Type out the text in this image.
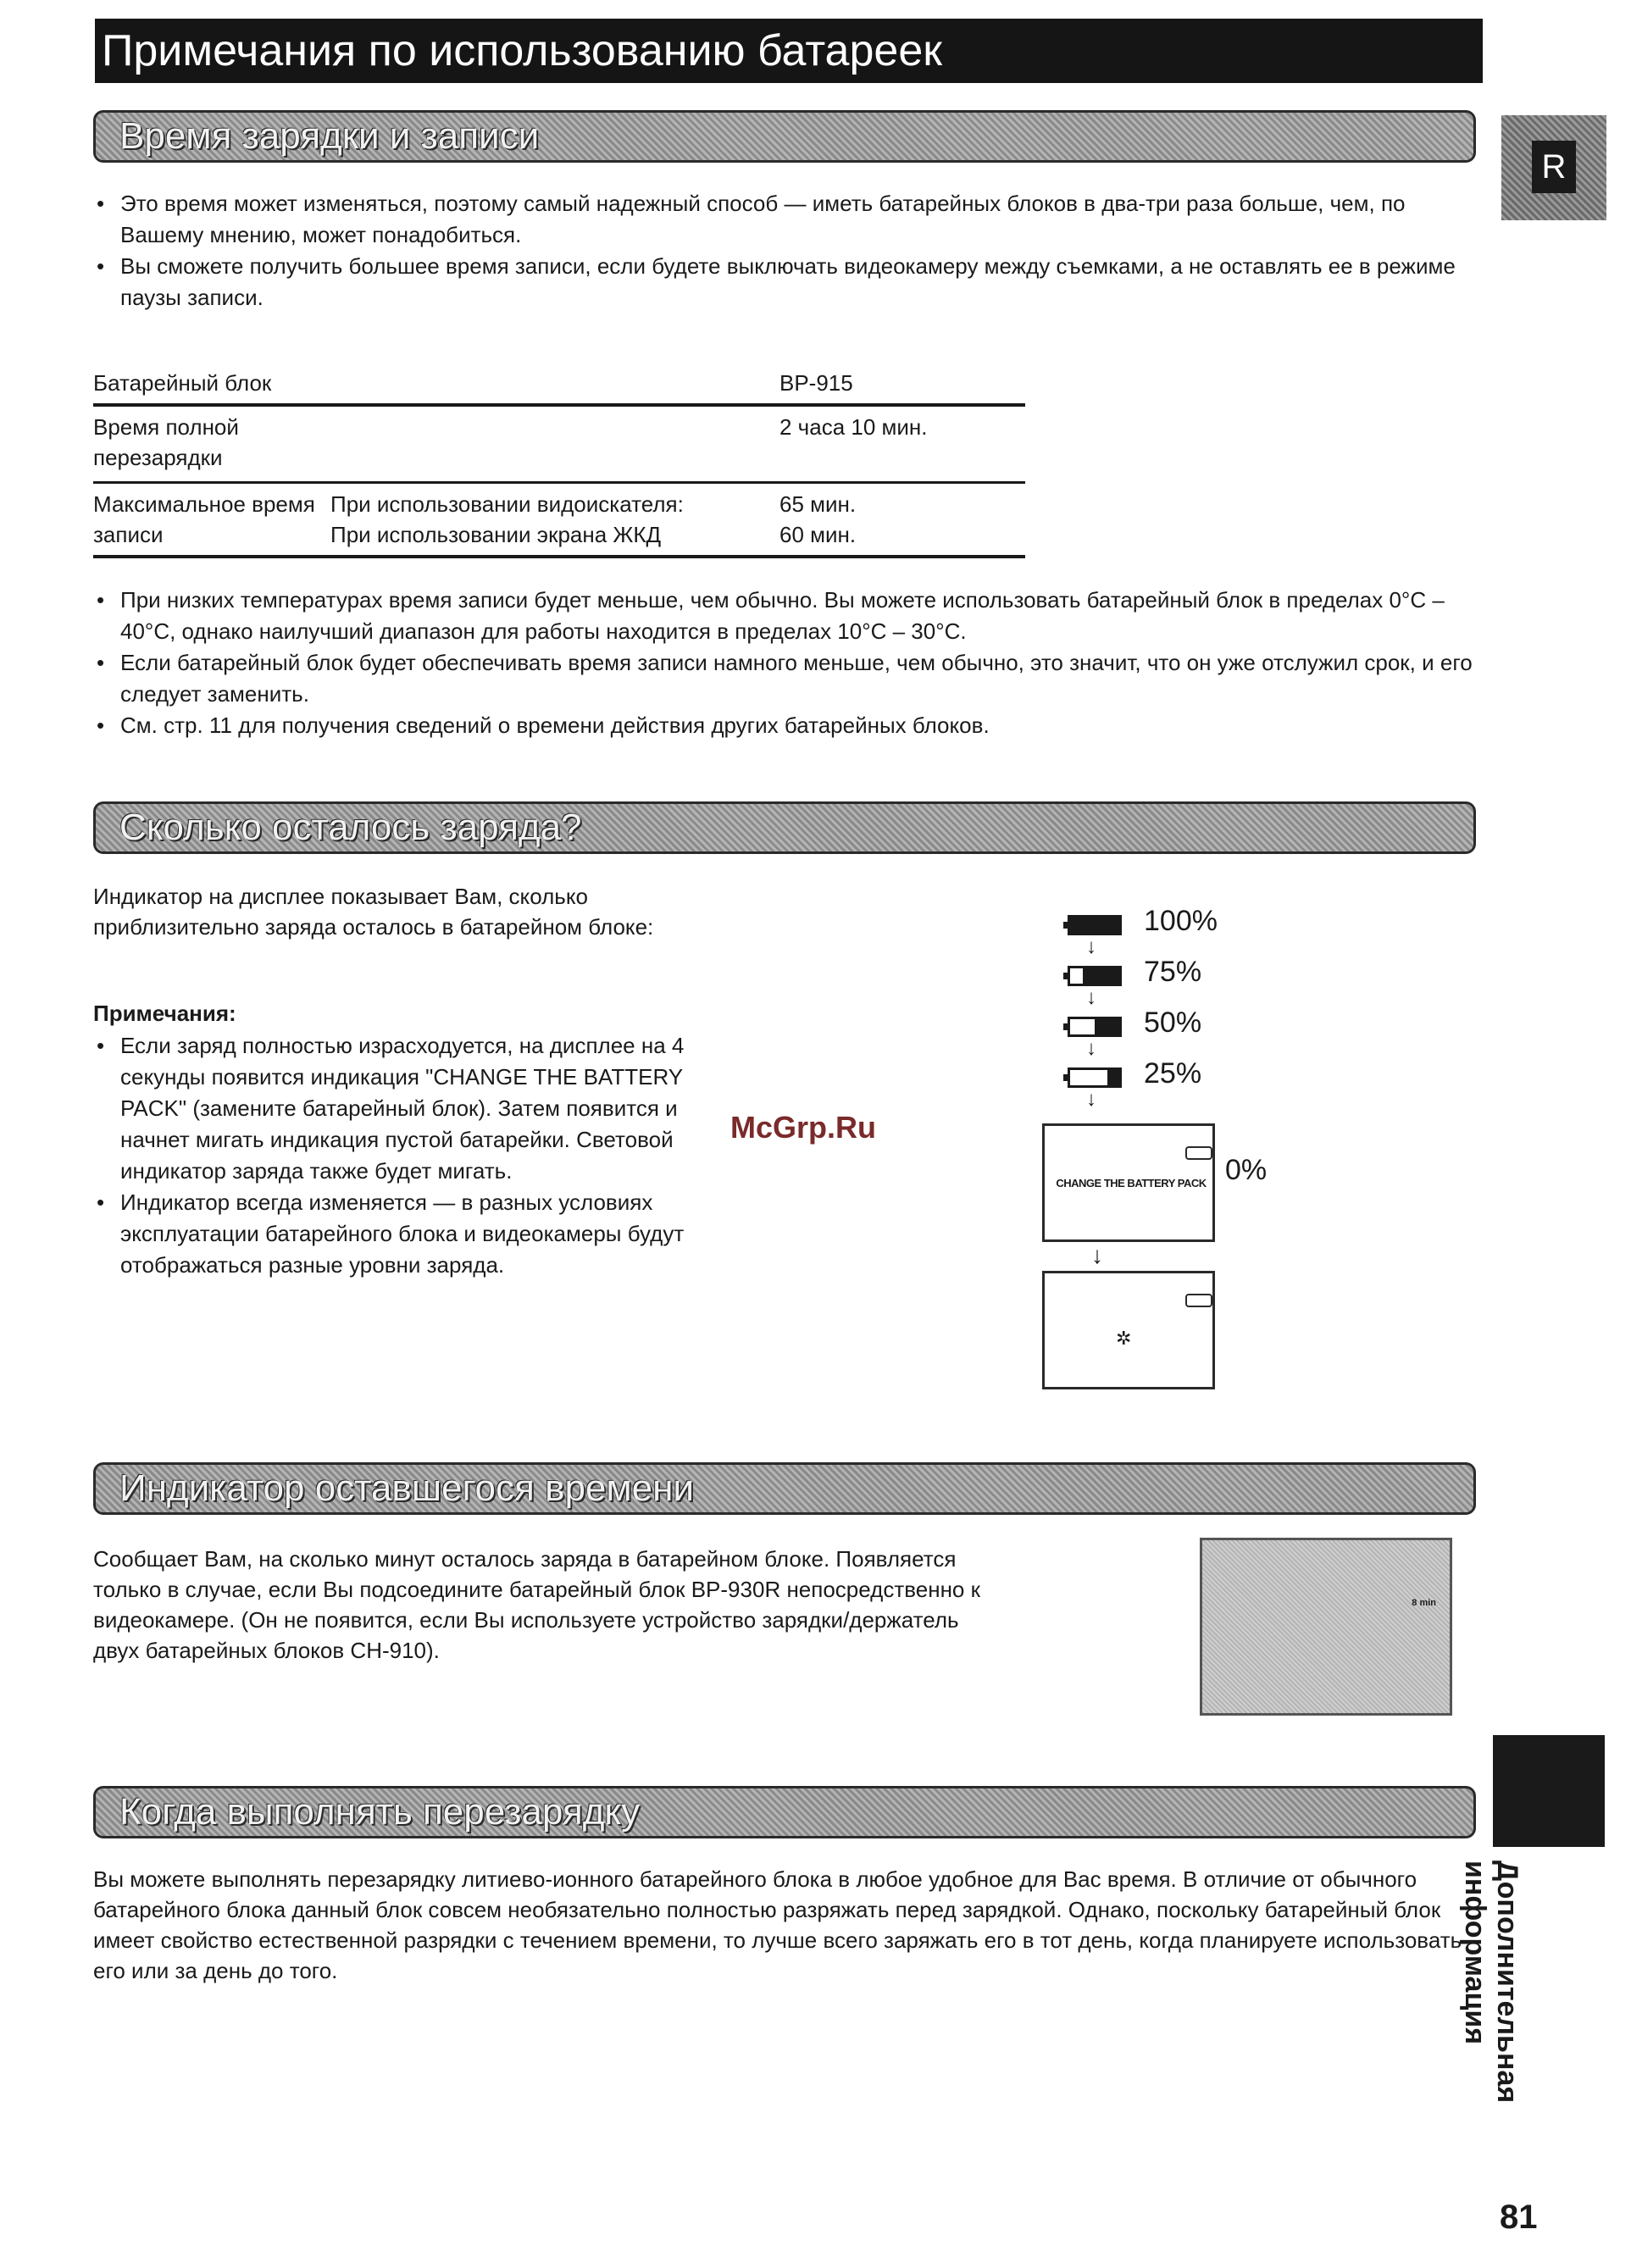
Примечания по использованию батареек
R
Время зарядки и записи
• Это время может изменяться, поэтому самый надежный способ — иметь батарейных блоков в два-три раза больше, чем, по Вашему мнению, может понадобиться.
• Вы сможете получить большее время записи, если будете выключать видеокамеру между съемками, а не оставлять ее в режиме паузы записи.
Батарейный блок		BP-915
Время полной перезарядки		2 часа 10 мин.
Максимальное время записи	При использовании видоискателя:	65 мин.
	При использовании экрана ЖКД	60 мин.
• При низких температурах время записи будет меньше, чем обычно. Вы можете использовать батарейный блок в пределах 0°C – 40°C, однако наилучший диапазон для работы находится в пределах 10°C – 30°C.
• Если батарейный блок будет обеспечивать время записи намного меньше, чем обычно, это значит, что он уже отслужил срок, и его следует заменить.
• См. стр. 11 для получения сведений о времени действия других батарейных блоков.
Сколько осталось заряда?

Индикатор на дисплее показывает Вам, сколько приблизительно заряда осталось в батарейном блоке:

Примечания:

• Если заряд полностью израсходуется, на дисплее на 4 секунды появится индикация "CHANGE THE BATTERY PACK" (замените батарейный блок). Затем появится и начнет мигать индикация пустой батарейки. Световой индикатор заряда также будет мигать.
• Индикатор всегда изменяется — в разных условиях эксплуатации батарейного блока и видеокамеры будут отображаться разные уровни заряда.
100%
↓
75%
↓
50%
↓
25%
↓
CHANGE THE BATTERY PACK 0%
↓
✲
Индикатор оставшегося времени

Сообщает Вам, на сколько минут осталось заряда в батарейном блоке. Появляется только в случае, если Вы подсоедините батарейный блок BP-930R непосредственно к видеокамере. (Он не появится, если Вы используете устройство зарядки/держатель двух батарейных блоков CH-910).

8 min
Когда выполнять перезарядку

Вы можете выполнять перезарядку литиево-ионного батарейного блока в любое удобное для Вас время. В отличие от обычного батарейного блока данный блок совсем необязательно полностью разряжать перед зарядкой. Однако, поскольку батарейный блок имеет свойство естественной разрядки с течением времени, то лучше всего заряжать его в тот день, когда планируете использовать его или за день до того.	Дополнительная
информация
81
McGrp.Ru
